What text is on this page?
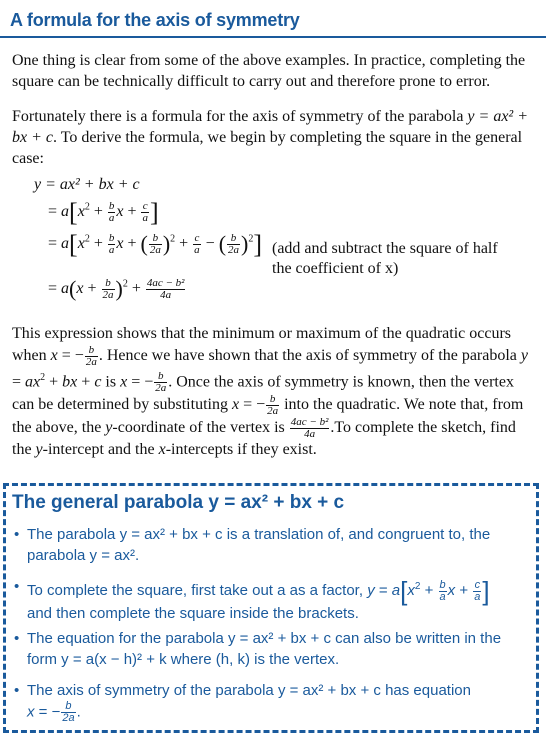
A formula for the axis of symmetry
One thing is clear from some of the above examples. In practice, completing the square can be technically difficult to carry out and therefore prone to error.
Fortunately there is a formula for the axis of symmetry of the parabola y = ax² + bx + c. To derive the formula, we begin by completing the square in the general case:
y = ax² + bx + c
= $a[x^2 + \frac{b}{a}$ $x + \frac{c}{a}$ ]
= $a[x^2 + \frac{b}{a}$ x + ( $\frac{b}{2a} )^2 + \frac{c}{a}$ − ( $\frac{b}{2a} )^2$] (add and subtract the square of half the coefficient of x)
= $a(x + \frac{b}{2a} )^2 + \frac{\text{4ac − b²}}{4a}$
This expression shows that the minimum or maximum of the quadratic occurs when x = − $\frac{b}{2a}$ . Hence we have shown that the axis of symmetry of the parabola $y = ax^2$ + bx + c is x = − $\frac{b}{2a}$ . Once the axis of symmetry is known, then the vertex can be determined by substituting x = − $\frac{b}{2a}$ into the quadratic. We note that, from the above, the y-coordinate of the vertex is $\frac{\text{4ac − b²}}{4a} .To$ complete the sketch, find the y-intercept and the x-intercepts if they exist.
The general parabola y = ax² + bx + c
• The parabola y = ax² + bx + c is a translation of, and congruent to, the parabola y = ax².
• To complete the square, first take out a as a factor, $y = a[x^2 + \frac{b}{a}$ $x + \frac{c}{a}$ ]
and then complete the square inside the brackets.
• The equation for the parabola y = ax² + bx + c can also be written in the form y = a(x − h)² + k where (h, k) is the vertex.
• The axis of symmetry of the parabola y = ax² + bx + c has equation
x = − $\frac{b}{2a}$ .
